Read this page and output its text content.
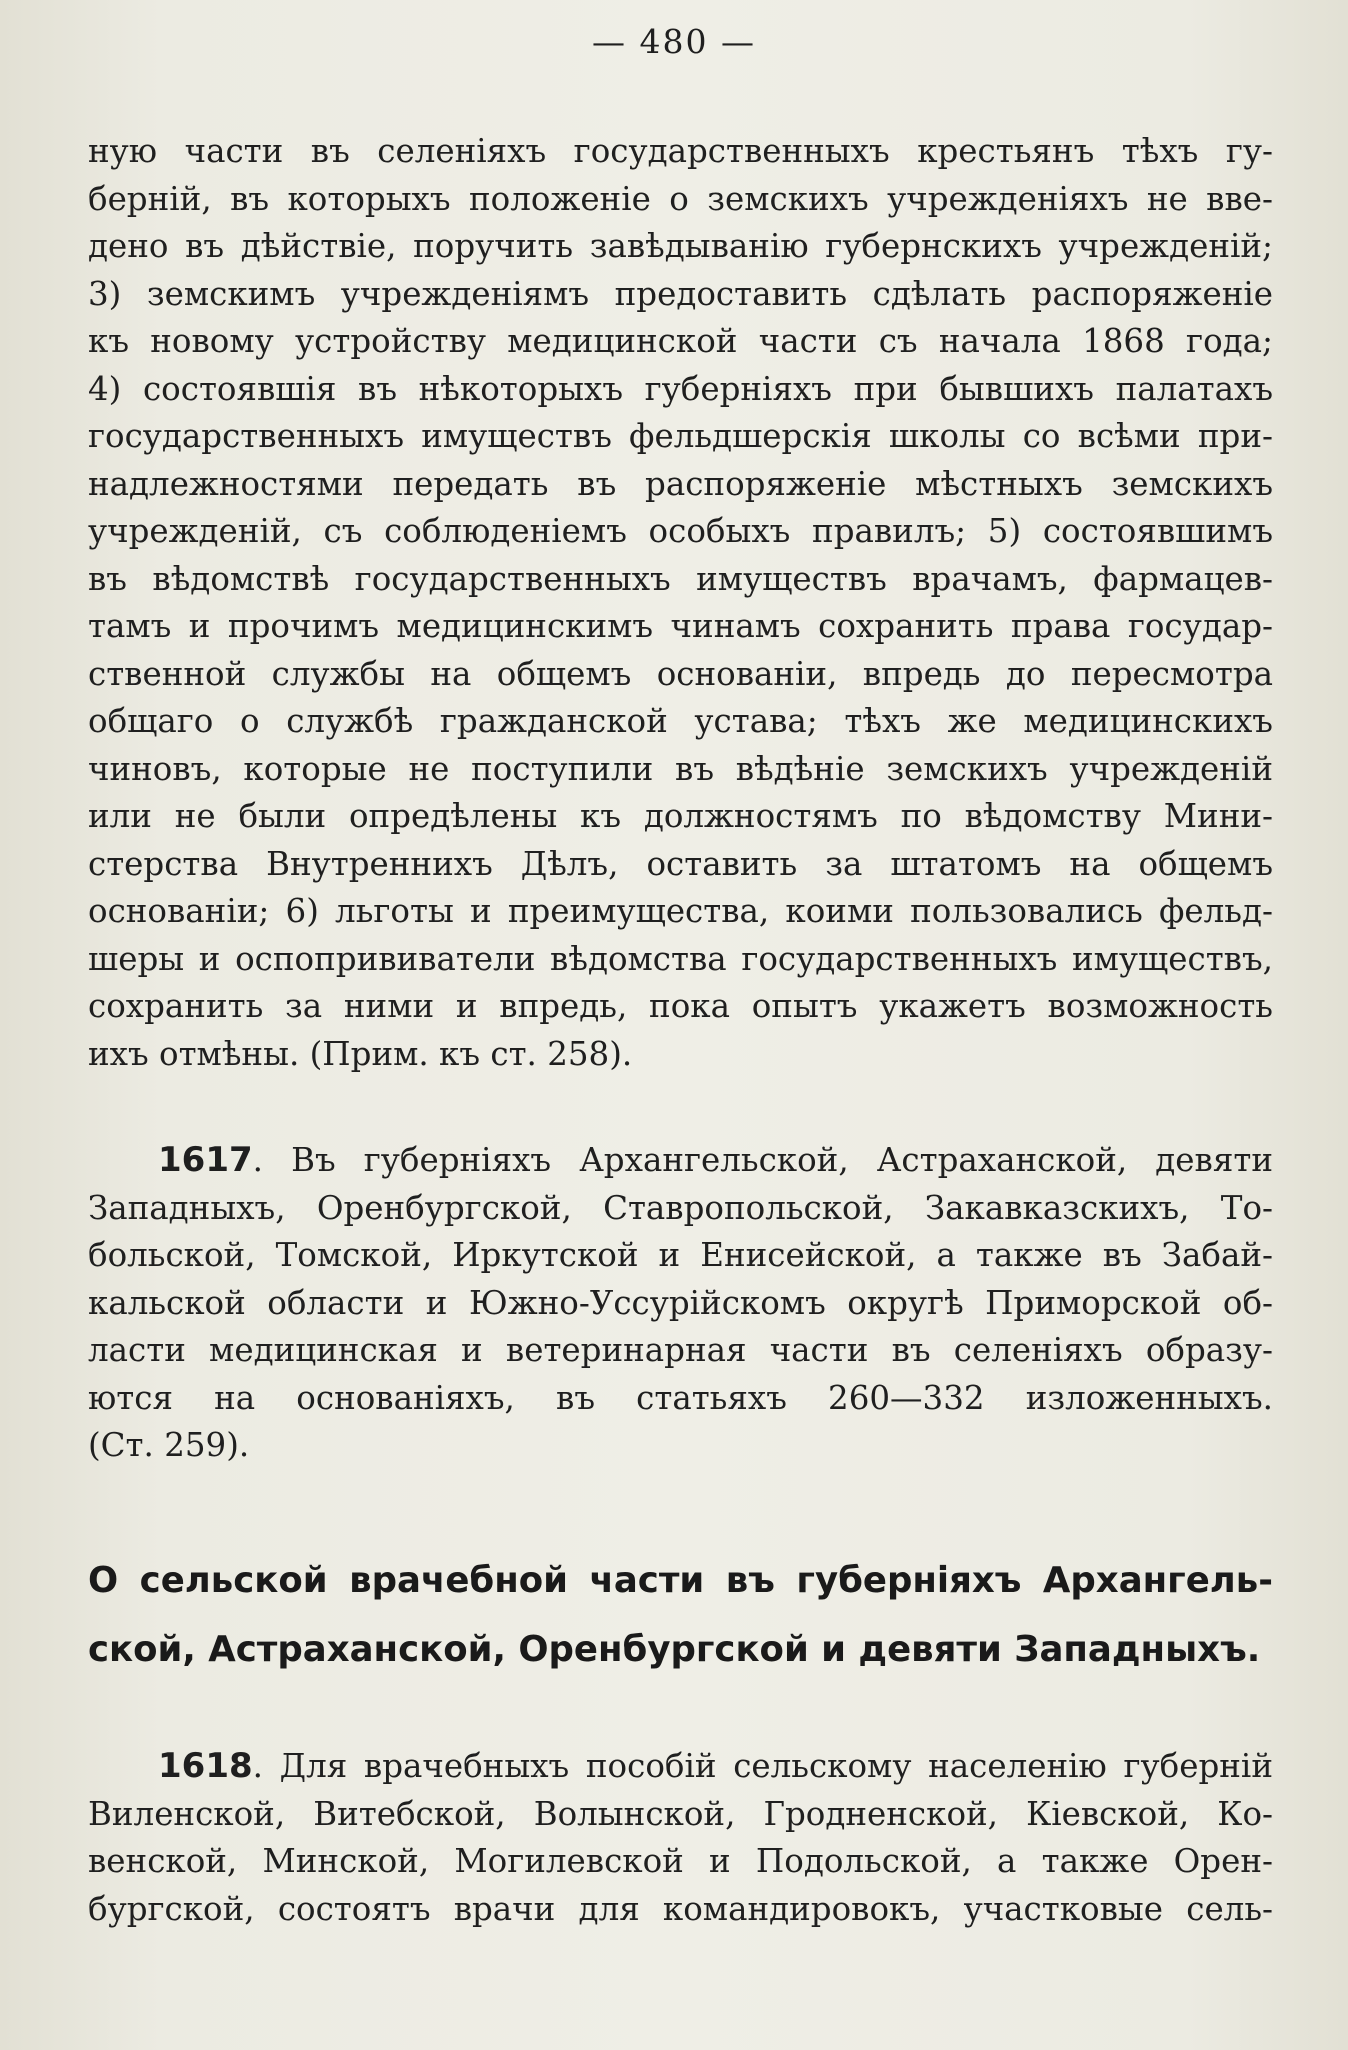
— 480 —
ную части въ селеніяхъ государственныхъ крестьянъ тѣхъ гу-
берній, въ которыхъ положеніе о земскихъ учрежденіяхъ не вве-
дено въ дѣйствіе, поручить завѣдыванію губернскихъ учрежденій;
3) земскимъ учрежденіямъ предоставить сдѣлать распоряженіе
къ новому устройству медицинской части съ начала 1868 года;
4) состоявшія въ нѣкоторыхъ губерніяхъ при бывшихъ палатахъ
государственныхъ имуществъ фельдшерскія школы со всѣми при-
надлежностями передать въ распоряженіе мѣстныхъ земскихъ
учрежденій, съ соблюденіемъ особыхъ правилъ; 5) состоявшимъ
въ вѣдомствѣ государственныхъ имуществъ врачамъ, фармацев-
тамъ и прочимъ медицинскимъ чинамъ сохранить права государ-
ственной службы на общемъ основаніи, впредь до пересмотра
общаго о службѣ гражданской устава; тѣхъ же медицинскихъ
чиновъ, которые не поступили въ вѣдѣніе земскихъ учрежденій
или не были опредѣлены къ должностямъ по вѣдомству Мини-
стерства Внутреннихъ Дѣлъ, оставить за штатомъ на общемъ
основаніи; 6) льготы и преимущества, коими пользовались фельд-
шеры и оспопрививатели вѣдомства государственныхъ имуществъ,
сохранить за ними и впредь, пока опытъ укажетъ возможность
ихъ отмѣны. (Прим. къ ст. 258).
1617. Въ губерніяхъ Архангельской, Астраханской, девяти
Западныхъ, Оренбургской, Ставропольской, Закавказскихъ, То-
больской, Томской, Иркутской и Енисейской, а также въ Забай-
кальской области и Южно-Уссурійскомъ округѣ Приморской об-
ласти медицинская и ветеринарная части въ селеніяхъ образу-
ются на основаніяхъ, въ статьяхъ 260—332 изложенныхъ.
(Ст. 259).
О сельской врачебной части въ губерніяхъ Архангель-
ской, Астраханской, Оренбургской и девяти Западныхъ.
1618. Для врачебныхъ пособій сельскому населенію губерній
Виленской, Витебской, Волынской, Гродненской, Кіевской, Ко-
венской, Минской, Могилевской и Подольской, а также Орен-
бургской, состоятъ врачи для командировокъ, участковые сель-
